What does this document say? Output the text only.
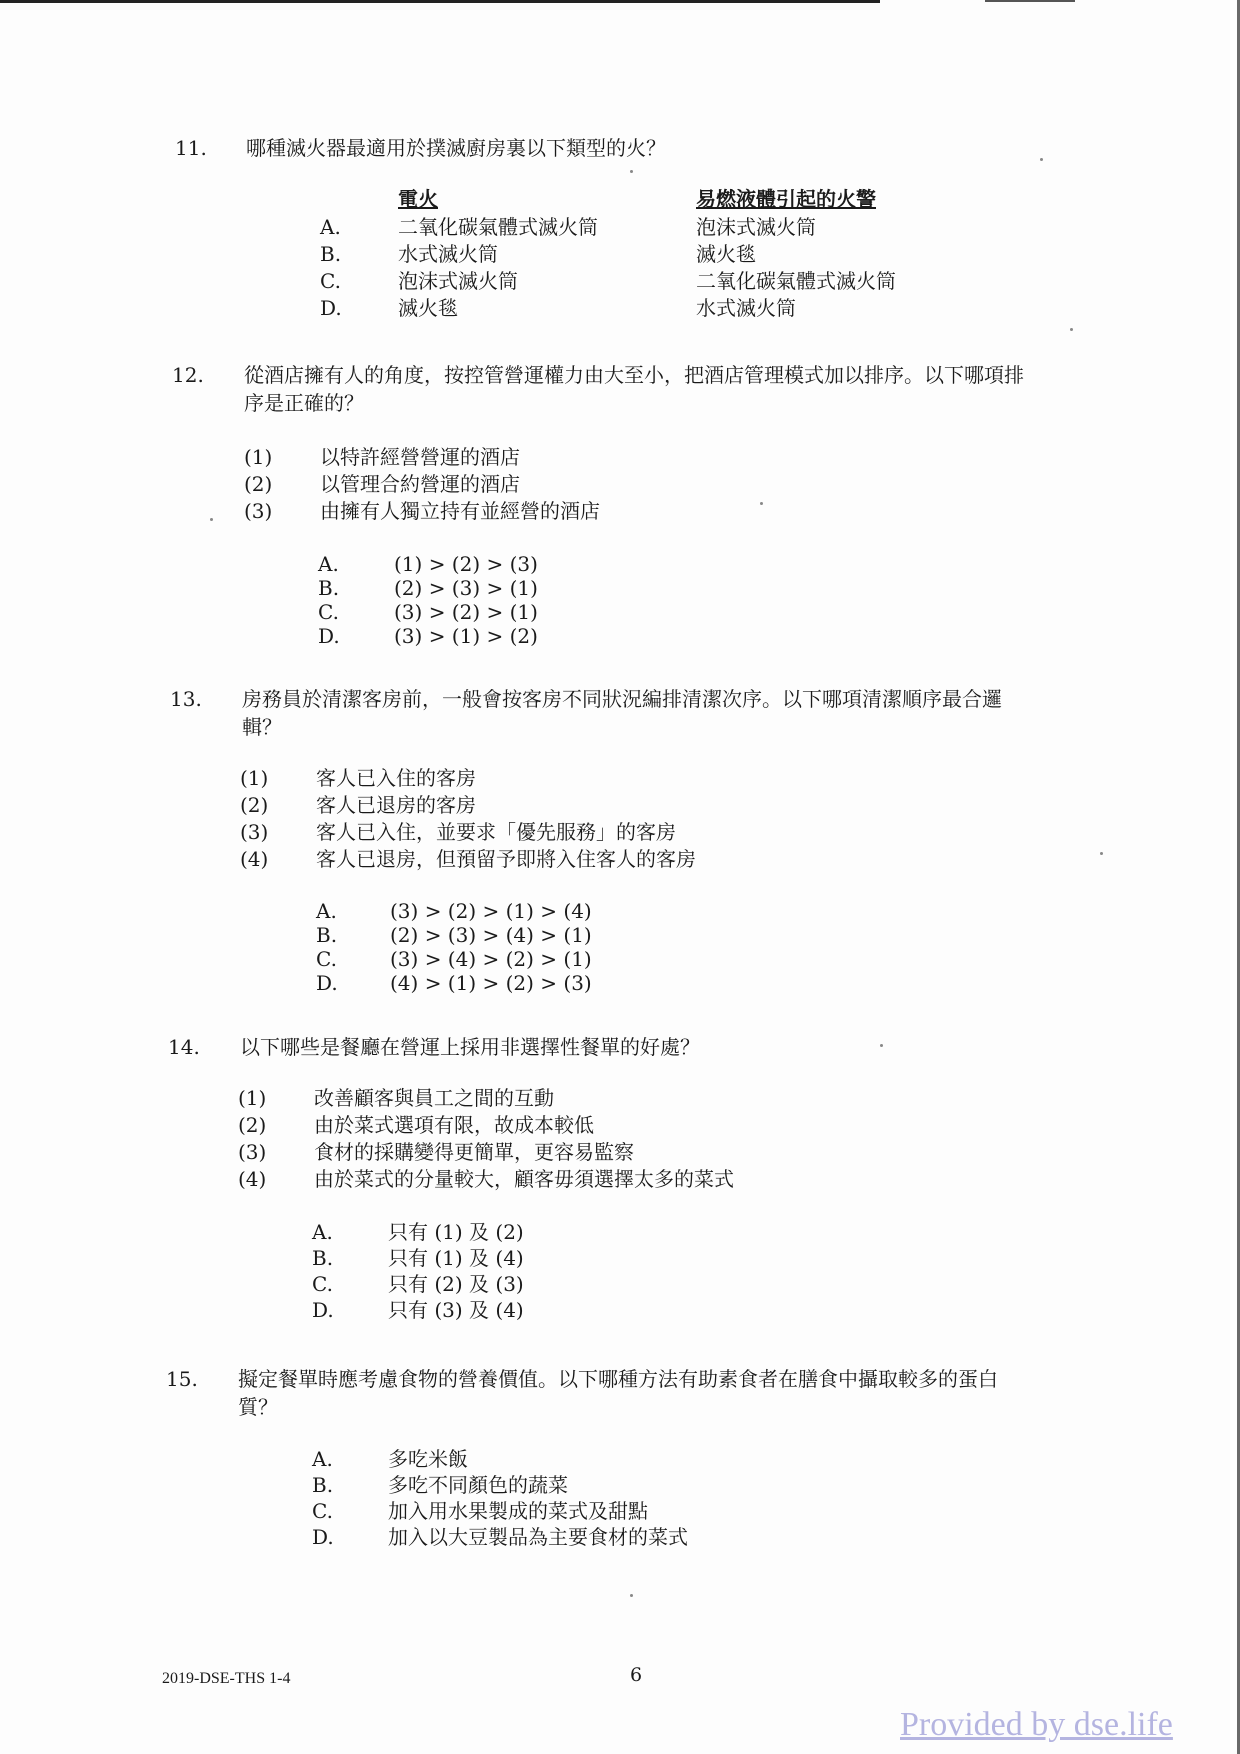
11. 哪種滅火器最適用於撲滅廚房裏以下類型的火？
電火	易燃液體引起的火警
A.	二氧化碳氣體式滅火筒	泡沫式滅火筒
B.	水式滅火筒	滅火毯
C.	泡沫式滅火筒	二氧化碳氣體式滅火筒
D.	滅火毯	水式滅火筒
12. 從酒店擁有人的角度，按控管營運權力由大至小，把酒店管理模式加以排序。以下哪項排
序是正確的？
(1) 以特許經營營運的酒店
(2) 以管理合約營運的酒店
(3) 由擁有人獨立持有並經營的酒店
A.	(1) > (2) > (3)
B.	(2) > (3) > (1)
C.	(3) > (2) > (1)
D.	(3) > (1) > (2)
13. 房務員於清潔客房前，一般會按客房不同狀況編排清潔次序。以下哪項清潔順序最合邏
輯？
(1) 客人已入住的客房
(2) 客人已退房的客房
(3) 客人已入住，並要求「優先服務」的客房
(4) 客人已退房，但預留予即將入住客人的客房
A.	(3) > (2) > (1) > (4)
B.	(2) > (3) > (4) > (1)
C.	(3) > (4) > (2) > (1)
D.	(4) > (1) > (2) > (3)
14. 以下哪些是餐廳在營運上採用非選擇性餐單的好處？
(1) 改善顧客與員工之間的互動
(2) 由於菜式選項有限，故成本較低
(3) 食材的採購變得更簡單，更容易監察
(4) 由於菜式的分量較大，顧客毋須選擇太多的菜式
A.	只有 (1) 及 (2)
B.	只有 (1) 及 (4)
C.	只有 (2) 及 (3)
D.	只有 (3) 及 (4)
15. 擬定餐單時應考慮食物的營養價值。以下哪種方法有助素食者在膳食中攝取較多的蛋白
質？
A.	多吃米飯
B.	多吃不同顏色的蔬菜
C.	加入用水果製成的菜式及甜點
D.	加入以大豆製品為主要食材的菜式
2019-DSE-THS 1-4	6
Provided by dse.life
